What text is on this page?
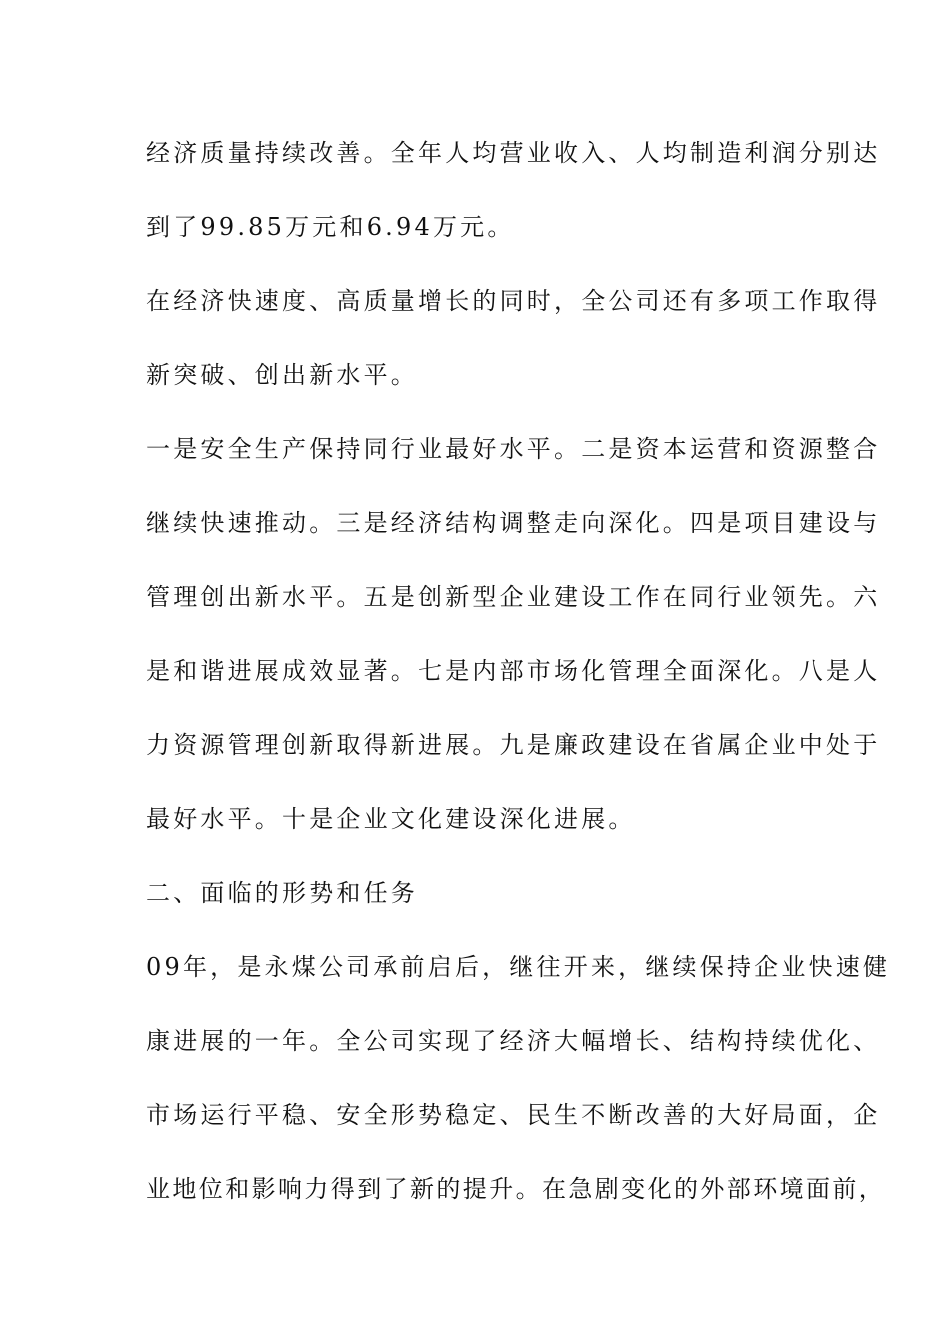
经济质量持续改善。全年人均营业收入、人均制造利润分别达
到了99.85万元和6.94万元。
在经济快速度、高质量增长的同时，全公司还有多项工作取得
新突破、创出新水平。
一是安全生产保持同行业最好水平。二是资本运营和资源整合
继续快速推动。三是经济结构调整走向深化。四是项目建设与
管理创出新水平。五是创新型企业建设工作在同行业领先。六
是和谐进展成效显著。七是内部市场化管理全面深化。八是人
力资源管理创新取得新进展。九是廉政建设在省属企业中处于
最好水平。十是企业文化建设深化进展。
二、面临的形势和任务
09年，是永煤公司承前启后，继往开来，继续保持企业快速健
康进展的一年。全公司实现了经济大幅增长、结构持续优化、
市场运行平稳、安全形势稳定、民生不断改善的大好局面，企
业地位和影响力得到了新的提升。在急剧变化的外部环境面前，
